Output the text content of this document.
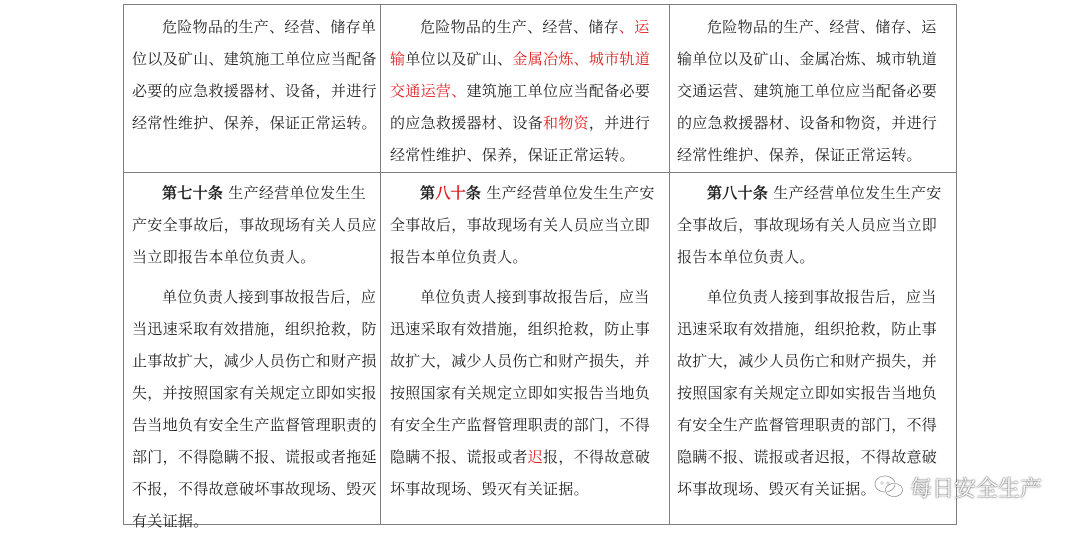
危险物品的生产、经营、储存单位以及矿山、建筑施工单位应当配备必要的应急救援器材、设备，并进行经常性维护、保养，保证正常运转。

危险物品的生产、经营、储存、运输单位以及矿山、金属冶炼、城市轨道交通运营、建筑施工单位应当配备必要的应急救援器材、设备和物资，并进行经常性维护、保养，保证正常运转。

危险物品的生产、经营、储存、运输单位以及矿山、金属冶炼、城市轨道交通运营、建筑施工单位应当配备必要的应急救援器材、设备和物资，并进行经常性维护、保养，保证正常运转。

第七十条 生产经营单位发生生产安全事故后，事故现场有关人员应当立即报告本单位负责人。

单位负责人接到事故报告后，应当迅速采取有效措施，组织抢救，防止事故扩大，减少人员伤亡和财产损失，并按照国家有关规定立即如实报告当地负有安全生产监督管理职责的部门，不得隐瞒不报、谎报或者拖延不报，不得故意破坏事故现场、毁灭有关证据。

第八十条 生产经营单位发生生产安全事故后，事故现场有关人员应当立即报告本单位负责人。

单位负责人接到事故报告后，应当迅速采取有效措施，组织抢救，防止事故扩大，减少人员伤亡和财产损失，并按照国家有关规定立即如实报告当地负有安全生产监督管理职责的部门，不得隐瞒不报、谎报或者迟报，不得故意破坏事故现场、毁灭有关证据。

第八十条 生产经营单位发生生产安全事故后，事故现场有关人员应当立即报告本单位负责人。

单位负责人接到事故报告后，应当迅速采取有效措施，组织抢救，防止事故扩大，减少人员伤亡和财产损失，并按照国家有关规定立即如实报告当地负有安全生产监督管理职责的部门，不得隐瞒不报、谎报或者迟报，不得故意破坏事故现场、毁灭有关证据。	每日安全生产
